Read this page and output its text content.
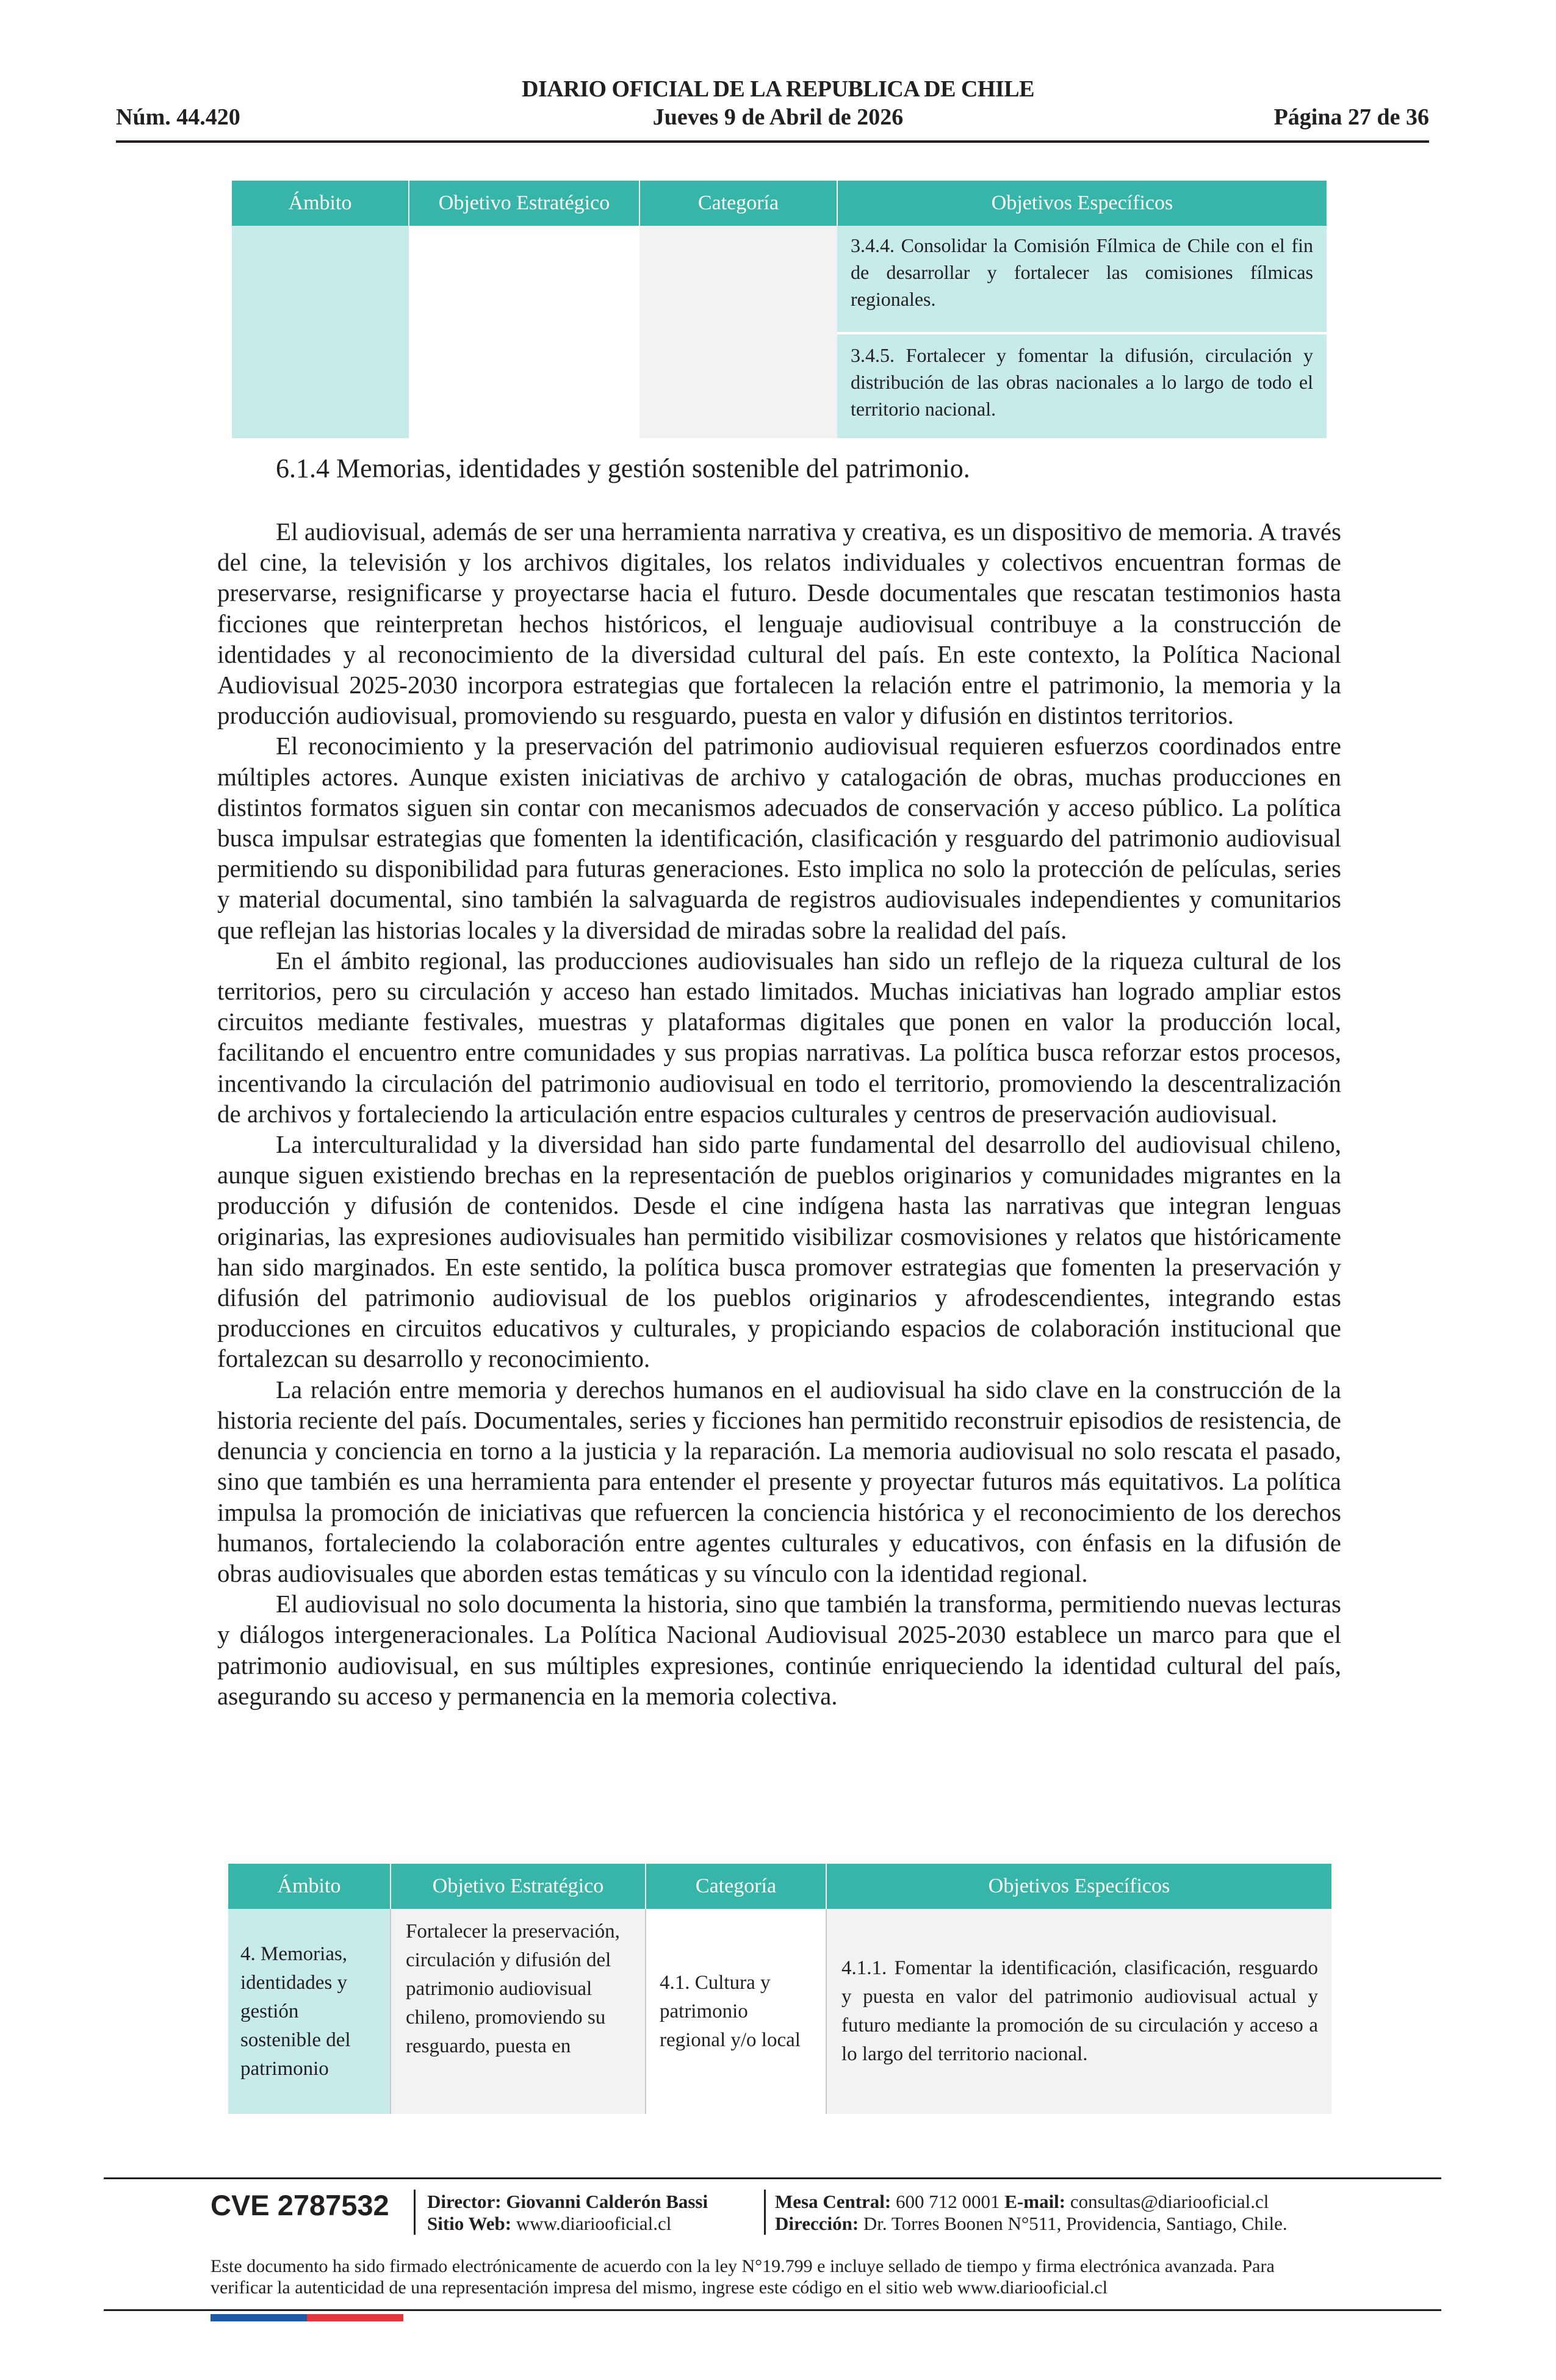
DIARIO OFICIAL DE LA REPUBLICA DE CHILE
Núm. 44.420	Jueves 9 de Abril de 2026	Página 27 de 36
Ámbito	Objetivo Estratégico	Categoría	Objetivos Específicos
			3.4.4. Consolidar la Comisión Fílmica de Chile con el fin de desarrollar y fortalecer las comisiones fílmicas regionales.
			3.4.5. Fortalecer y fomentar la difusión, circulación y distribución de las obras nacionales a lo largo de todo el territorio nacional.
6.1.4 Memorias, identidades y gestión sostenible del patrimonio.

El audiovisual, además de ser una herramienta narrativa y creativa, es un dispositivo de memoria. A través del cine, la televisión y los archivos digitales, los relatos individuales y colectivos encuentran formas de preservarse, resignificarse y proyectarse hacia el futuro. Desde documentales que rescatan testimonios hasta ficciones que reinterpretan hechos históricos, el lenguaje audiovisual contribuye a la construcción de identidades y al reconocimiento de la diversidad cultural del país. En este contexto, la Política Nacional Audiovisual 2025-2030 incorpora estrategias que fortalecen la relación entre el patrimonio, la memoria y la producción audiovisual, promoviendo su resguardo, puesta en valor y difusión en distintos territorios.

El reconocimiento y la preservación del patrimonio audiovisual requieren esfuerzos coordinados entre múltiples actores. Aunque existen iniciativas de archivo y catalogación de obras, muchas producciones en distintos formatos siguen sin contar con mecanismos adecuados de conservación y acceso público. La política busca impulsar estrategias que fomenten la identificación, clasificación y resguardo del patrimonio audiovisual permitiendo su disponibilidad para futuras generaciones. Esto implica no solo la protección de películas, series y material documental, sino también la salvaguarda de registros audiovisuales independientes y comunitarios que reflejan las historias locales y la diversidad de miradas sobre la realidad del país.

En el ámbito regional, las producciones audiovisuales han sido un reflejo de la riqueza cultural de los territorios, pero su circulación y acceso han estado limitados. Muchas iniciativas han logrado ampliar estos circuitos mediante festivales, muestras y plataformas digitales que ponen en valor la producción local, facilitando el encuentro entre comunidades y sus propias narrativas. La política busca reforzar estos procesos, incentivando la circulación del patrimonio audiovisual en todo el territorio, promoviendo la descentralización de archivos y fortaleciendo la articulación entre espacios culturales y centros de preservación audiovisual.

La interculturalidad y la diversidad han sido parte fundamental del desarrollo del audiovisual chileno, aunque siguen existiendo brechas en la representación de pueblos originarios y comunidades migrantes en la producción y difusión de contenidos. Desde el cine indígena hasta las narrativas que integran lenguas originarias, las expresiones audiovisuales han permitido visibilizar cosmovisiones y relatos que históricamente han sido marginados. En este sentido, la política busca promover estrategias que fomenten la preservación y difusión del patrimonio audiovisual de los pueblos originarios y afrodescendientes, integrando estas producciones en circuitos educativos y culturales, y propiciando espacios de colaboración institucional que fortalezcan su desarrollo y reconocimiento.

La relación entre memoria y derechos humanos en el audiovisual ha sido clave en la construcción de la historia reciente del país. Documentales, series y ficciones han permitido reconstruir episodios de resistencia, de denuncia y conciencia en torno a la justicia y la reparación. La memoria audiovisual no solo rescata el pasado, sino que también es una herramienta para entender el presente y proyectar futuros más equitativos. La política impulsa la promoción de iniciativas que refuercen la conciencia histórica y el reconocimiento de los derechos humanos, fortaleciendo la colaboración entre agentes culturales y educativos, con énfasis en la difusión de obras audiovisuales que aborden estas temáticas y su vínculo con la identidad regional.

El audiovisual no solo documenta la historia, sino que también la transforma, permitiendo nuevas lecturas y diálogos intergeneracionales. La Política Nacional Audiovisual 2025-2030 establece un marco para que el patrimonio audiovisual, en sus múltiples expresiones, continúe enriqueciendo la identidad cultural del país, asegurando su acceso y permanencia en la memoria colectiva.

Ámbito	Objetivo Estratégico	Categoría	Objetivos Específicos
4. Memorias, identidades y gestión sostenible del patrimonio	Fortalecer la preservación, circulación y difusión del patrimonio audiovisual chileno, promoviendo su resguardo, puesta en	4.1. Cultura y patrimonio regional y/o local	4.1.1. Fomentar la identificación, clasificación, resguardo y puesta en valor del patrimonio audiovisual actual y futuro mediante la promoción de su circulación y acceso a lo largo del territorio nacional.
CVE 2787532 Director: Giovanni Calderón Bassi
Sitio Web: www.diariooficial.cl
Mesa Central: 600 712 0001 E-mail: consultas@diariooficial.cl
Dirección: Dr. Torres Boonen N°511, Providencia, Santiago, Chile.
Este documento ha sido firmado electrónicamente de acuerdo con la ley N°19.799 e incluye sellado de tiempo y firma electrónica avanzada. Para verificar la autenticidad de una representación impresa del mismo, ingrese este código en el sitio web www.diariooficial.cl
